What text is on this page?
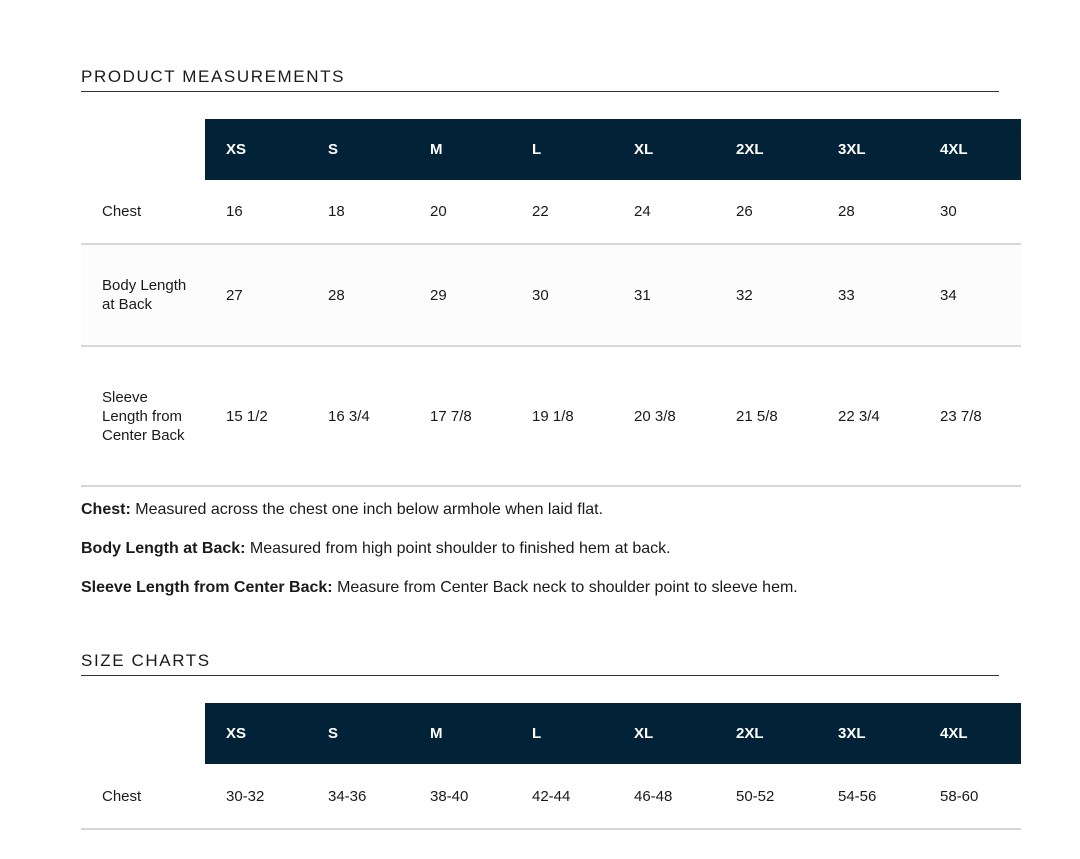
PRODUCT MEASUREMENTS
	XS	S	M	L	XL	2XL	3XL	4XL
Chest	16	18	20	22	24	26	28	30
Body Length at Back	27	28	29	30	31	32	33	34
Sleeve Length from Center Back	15 1/2	16 3/4	17 7/8	19 1/8	20 3/8	21 5/8	22 3/4	23 7/8

Chest: Measured across the chest one inch below armhole when laid flat.

Body Length at Back: Measured from high point shoulder to finished hem at back.

Sleeve Length from Center Back: Measure from Center Back neck to shoulder point to sleeve hem.

SIZE CHARTS
	XS	S	M	L	XL	2XL	3XL	4XL
Chest	30-32	34-36	38-40	42-44	46-48	50-52	54-56	58-60
